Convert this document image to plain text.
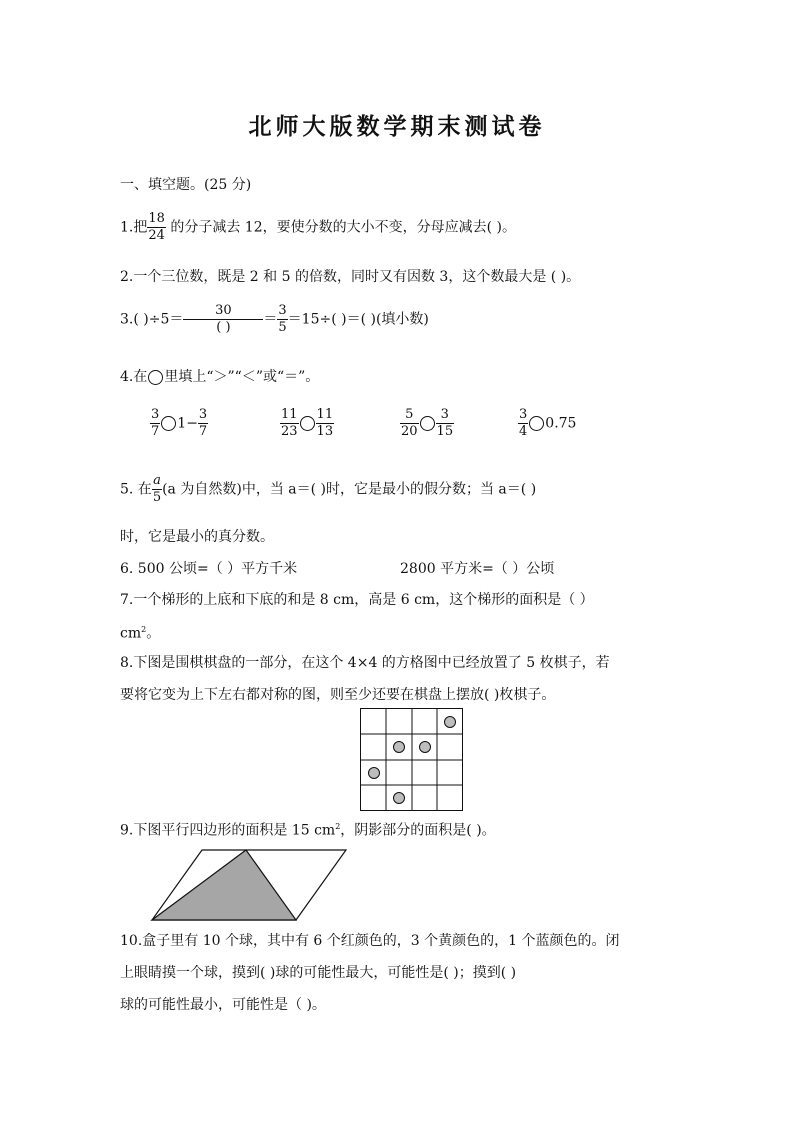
北师大版数学期末测试卷
一、填空题。(25 分)
1.把 $\frac{18}{24}$ 的分子减去 12，要使分数的大小不变，分母应减去( )。
2.一个三位数，既是 2 和 5 的倍数，同时又有因数 3，这个数最大是 ( )。
3.( )$\div 5= \frac{30}{( )} = \frac{3}{5} =15\div$( )＝( )(填小数)
4.在 里填上“＞”“＜”或“＝”。
$\frac{3}{7} 1- \frac{3}{7}$	$\frac{11}{23} \frac{11}{13}$	$\frac{5}{20} \frac{3}{15}$	$\frac{3}{4} 0.75$
5. 在 $\frac{a}{5} (a$ 为自然数)中，当 a＝( )时，它是最小的假分数；当 a＝( )
时，它是最小的真分数。
6. 500 公顷=（ ）平方千米	2800 平方米=（ ）公顷
7.一个梯形的上底和下底的和是 8 cm，高是 6 cm，这个梯形的面积是（ ）
$cm^2$。
8.下图是围棋棋盘的一部分，在这个 4×4 的方格图中已经放置了 5 枚棋子，若
要将它变为上下左右都对称的图，则至少还要在棋盘上摆放( )枚棋子。
9.下图平行四边形的面积是 15 $cm^2$，阴影部分的面积是( )。
10.盒子里有 10 个球，其中有 6 个红颜色的，3 个黄颜色的，1 个蓝颜色的。闭
上眼睛摸一个球，摸到( )球的可能性最大，可能性是( )；摸到( )
球的可能性最小，可能性是（ )。
